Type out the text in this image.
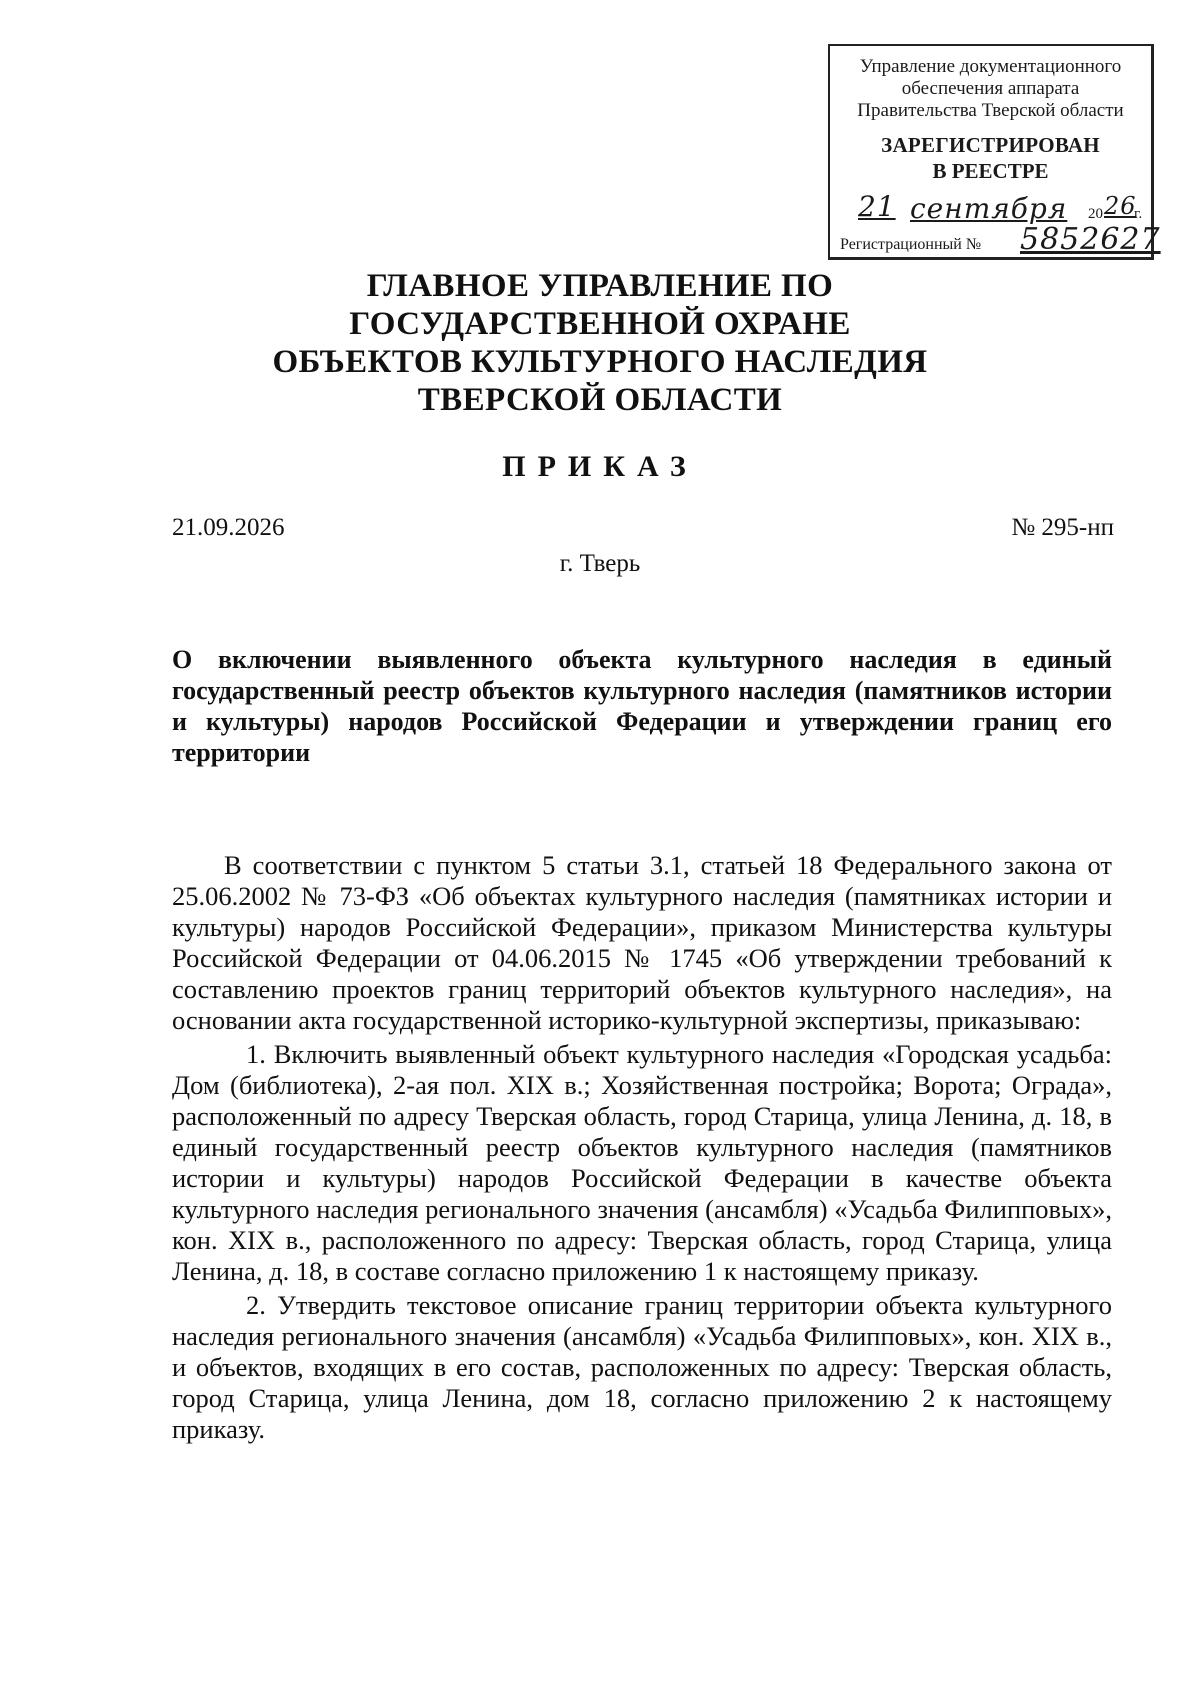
Управление документационного
обеспечения аппарата
Правительства Тверской области
ЗАРЕГИСТРИРОВАН
В РЕЕСТРЕ
21 сентября 20 26
г.
Регистрационный № 5852627
ГЛАВНОЕ УПРАВЛЕНИЕ ПО
ГОСУДАРСТВЕННОЙ ОХРАНЕ
ОБЪЕКТОВ КУЛЬТУРНОГО НАСЛЕДИЯ
ТВЕРСКОЙ ОБЛАСТИ
ПРИКАЗ
21.09.2026	№ 295-нп
г. Тверь
О включении выявленного объекта культурного наследия в единый государственный реестр объектов культурного наследия (памятников истории и культуры) народов Российской Федерации и утверждении границ его территории

В соответствии с пунктом 5 статьи 3.1, статьей 18 Федерального закона от 25.06.2002 № 73-ФЗ «Об объектах культурного наследия (памятниках истории и культуры) народов Российской Федерации», приказом Министерства культуры Российской Федерации от 04.06.2015 № 1745 «Об утверждении требований к составлению проектов границ территорий объектов культурного наследия», на основании акта государственной историко-культурной экспертизы, приказываю:

1. Включить выявленный объект культурного наследия «Городская усадьба: Дом (библиотека), 2-ая пол. XIX в.; Хозяйственная постройка; Ворота; Ограда», расположенный по адресу Тверская область, город Старица, улица Ленина, д. 18, в единый государственный реестр объектов культурного наследия (памятников истории и культуры) народов Российской Федерации в качестве объекта культурного наследия регионального значения (ансамбля) «Усадьба Филипповых», кон. XIX в., расположенного по адресу: Тверская область, город Старица, улица Ленина, д. 18, в составе согласно приложению 1 к настоящему приказу.

2. Утвердить текстовое описание границ территории объекта культурного наследия регионального значения (ансамбля) «Усадьба Филипповых», кон. XIX в., и объектов, входящих в его состав, расположенных по адресу: Тверская область, город Старица, улица Ленина, дом 18, согласно приложению 2 к настоящему приказу.
